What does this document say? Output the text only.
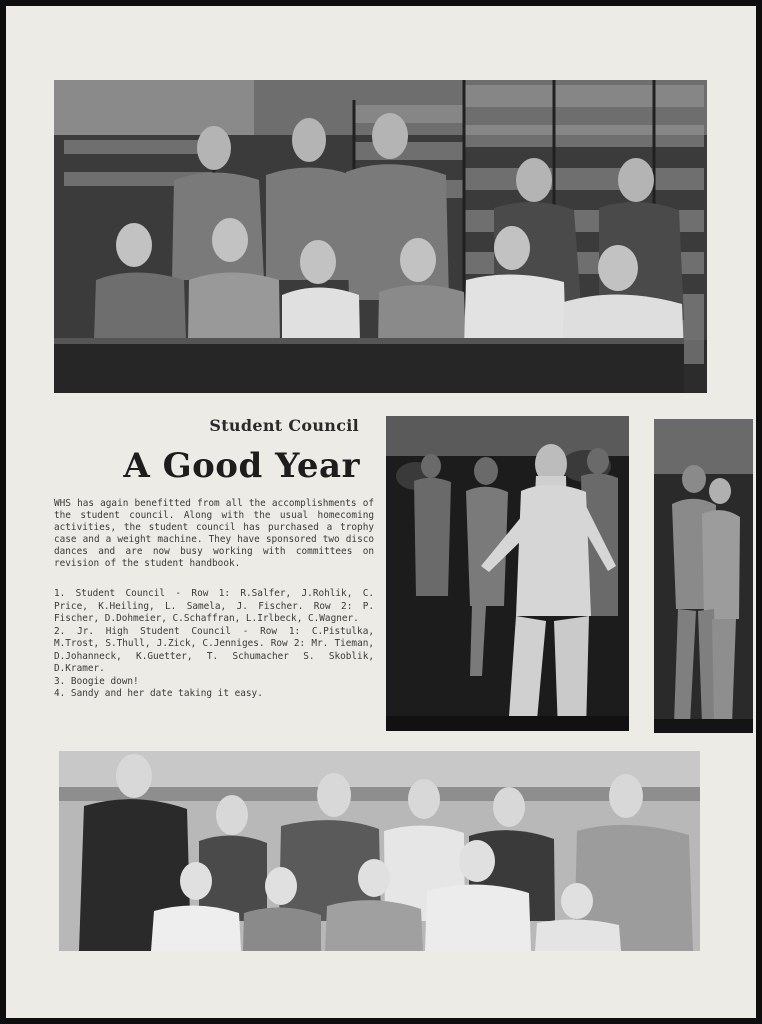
Student Council
A Good Year
WHS has again benefitted from all the accomplishments of the student council. Along with the usual homecoming activities, the student council has purchased a trophy case and a weight machine. They have sponsored two disco dances and are now busy working with committees on revision of the student handbook.
1. Student Council - Row 1: R.Salfer, J.Rohlik, C. Price, K.Heiling, L. Samela, J. Fischer. Row 2: P. Fischer, D.Dohmeier, C.Schaffran, L.Irlbeck, C.Wagner.
2. Jr. High Student Council - Row 1: C.Pistulka, M.Trost, S.Thull, J.Zick, C.Jenniges. Row 2: Mr. Tieman, D.Johanneck, K.Guetter, T. Schumacher S. Skoblik, D.Kramer.
3. Boogie down!
4. Sandy and her date taking it easy.
